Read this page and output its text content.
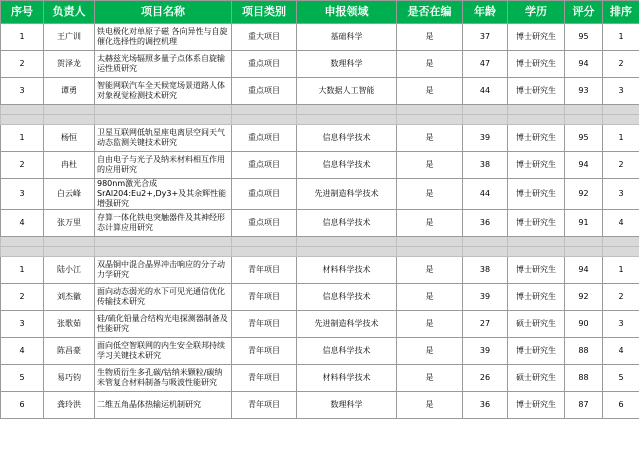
序号	负责人	项目名称	项目类别	申报领域	是否在编	年龄	学历	评分	排序
1	王广训	铁电极化对单原子磁 各向异性与自旋催化选择性的调控机理	重大项目	基础科学	是	37	博士研究生	95	1
2	贺泽龙	太赫兹光场辐照多量子点体系自旋输运性质研究	重点项目	数理科学	是	47	博士研究生	94	2
3	谭勇	智能网联汽车全天候宽场景道路人体对象视觉检测技术研究	重点项目	大数据人工智能	是	44	博士研究生	93	3

1	杨恒	卫星互联网低轨星座电离层空间天气动态监测关键技术研究	重点项目	信息科学技术	是	39	博士研究生	95	1
2	冉杜	自由电子与光子及纳米材料相互作用的应用研究	重点项目	信息科学技术	是	38	博士研究生	94	2
3	白云峰	980nm激光合成SrAl204:Eu2+,Dy3+及其余辉性能增强研究	重点项目	先进制造科学技术	是	44	博士研究生	92	3
4	张万里	存算一体化铁电突触器件及其神经形态计算应用研究	重点项目	信息科学技术	是	36	博士研究生	91	4

1	陆小江	双晶铜中混合晶界冲击响应的分子动力学研究	青年项目	材料科学技术	是	38	博士研究生	94	1
2	刘杰徽	面向动态弱光的水下可见光通信优化传输技术研究	青年项目	信息科学技术	是	39	博士研究生	92	2
3	张歌茹	硅/硫化铅量合结构光电探测器制备及性能研究	青年项目	先进制造科学技术	是	27	硕士研究生	90	3
4	陈昌豪	面向低空智联网的内生安全联邦持续学习关键技术研究	青年项目	信息科学技术	是	39	博士研究生	88	4
5	易巧钧	生物质衍生多孔碳/钴纳米颗粒/碳纳米管复合材料制备与吸波性能研究	青年项目	材料科学技术	是	26	硕士研究生	88	5
6	龚玲洪	二维五角晶体热输运机制研究	青年项目	数理科学	是	36	博士研究生	87	6
